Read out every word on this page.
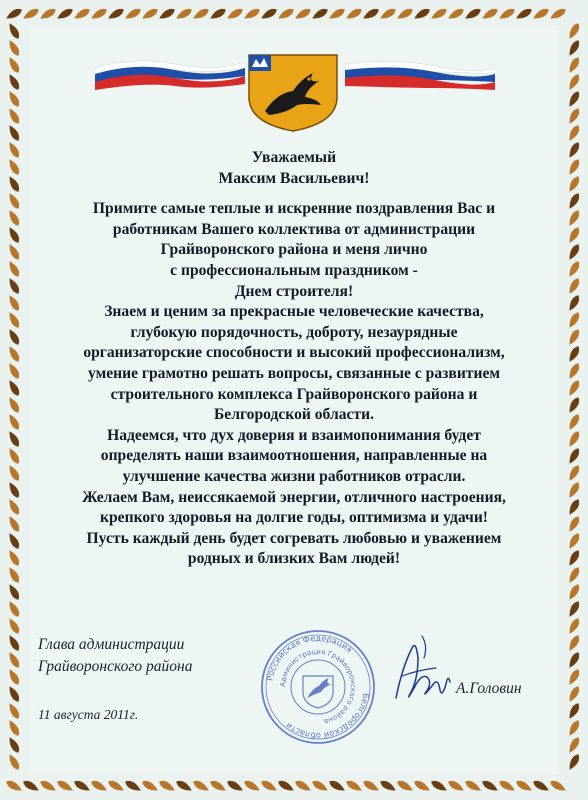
Уважаемый
Максим Васильевич!
Примите самые теплые и искренние поздравления Вас и
работникам Вашего коллектива от администрации
Грайворонского района и меня лично
с профессиональным праздником -
Днем строителя!
Знаем и ценим за прекрасные человеческие качества,
глубокую порядочность, доброту, незаурядные
организаторские способности и высокий профессионализм,
умение грамотно решать вопросы, связанные с развитием
строительного комплекса Грайворонского района и
Белгородской области.
Надеемся, что дух доверия и взаимопонимания будет
определять наши взаимоотношения, направленные на
улучшение качества жизни работников отрасли.
Желаем Вам, неиссякаемой энергии, отличного настроения,
крепкого здоровья на долгие годы, оптимизма и удачи!
Пусть каждый день будет согревать любовью и уважением
родных и близких Вам людей!
Глава администрации
Грайворонского района
11 августа 2011г.
Российская Федерация
Администрация Грайворонского района
Белгородской области
А.Головин
